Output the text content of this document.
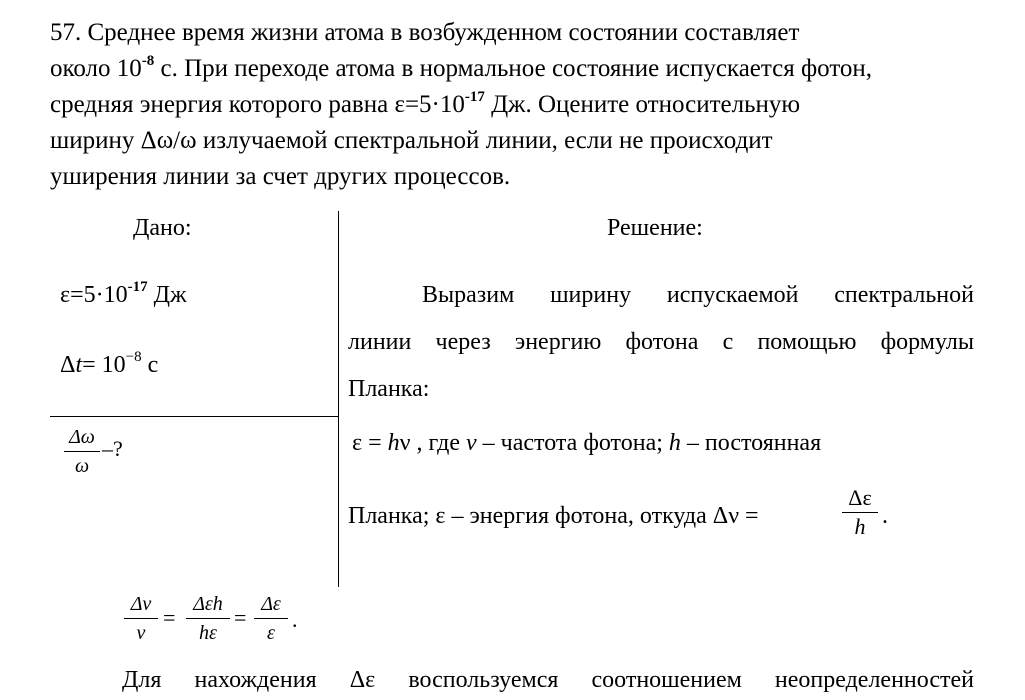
57. Среднее время жизни атома в возбужденном состоянии составляет
около $10^{-8}$ с. При переходе атома в нормальное состояние испускается фотон,
средняя энергия которого равна $\varepsilon=5\cdot 10^{-17}$ Дж. Оцените относительную
ширину Δω/ω излучаемой спектральной линии, если не происходит
уширения линии за счет других процессов.
Дано:
$\varepsilon=5\cdot 10^{-17}$ Дж
$\Delta t= 10^{-8}$ с
Δω
ω
–?
Решение:
Выразим ширину испускаемой спектральной
линии через энергию фотона с помощью формулы
Планка:
ε = hν , где ν – частота фотона; h – постоянная
Планка; ε – энергия фотона, откуда Δν =
Δε
h .
Δν
ν
=
Δεh
hε
=
Δε
ε
.
Для нахождения Δε воспользуемся соотношением неопределенностей
